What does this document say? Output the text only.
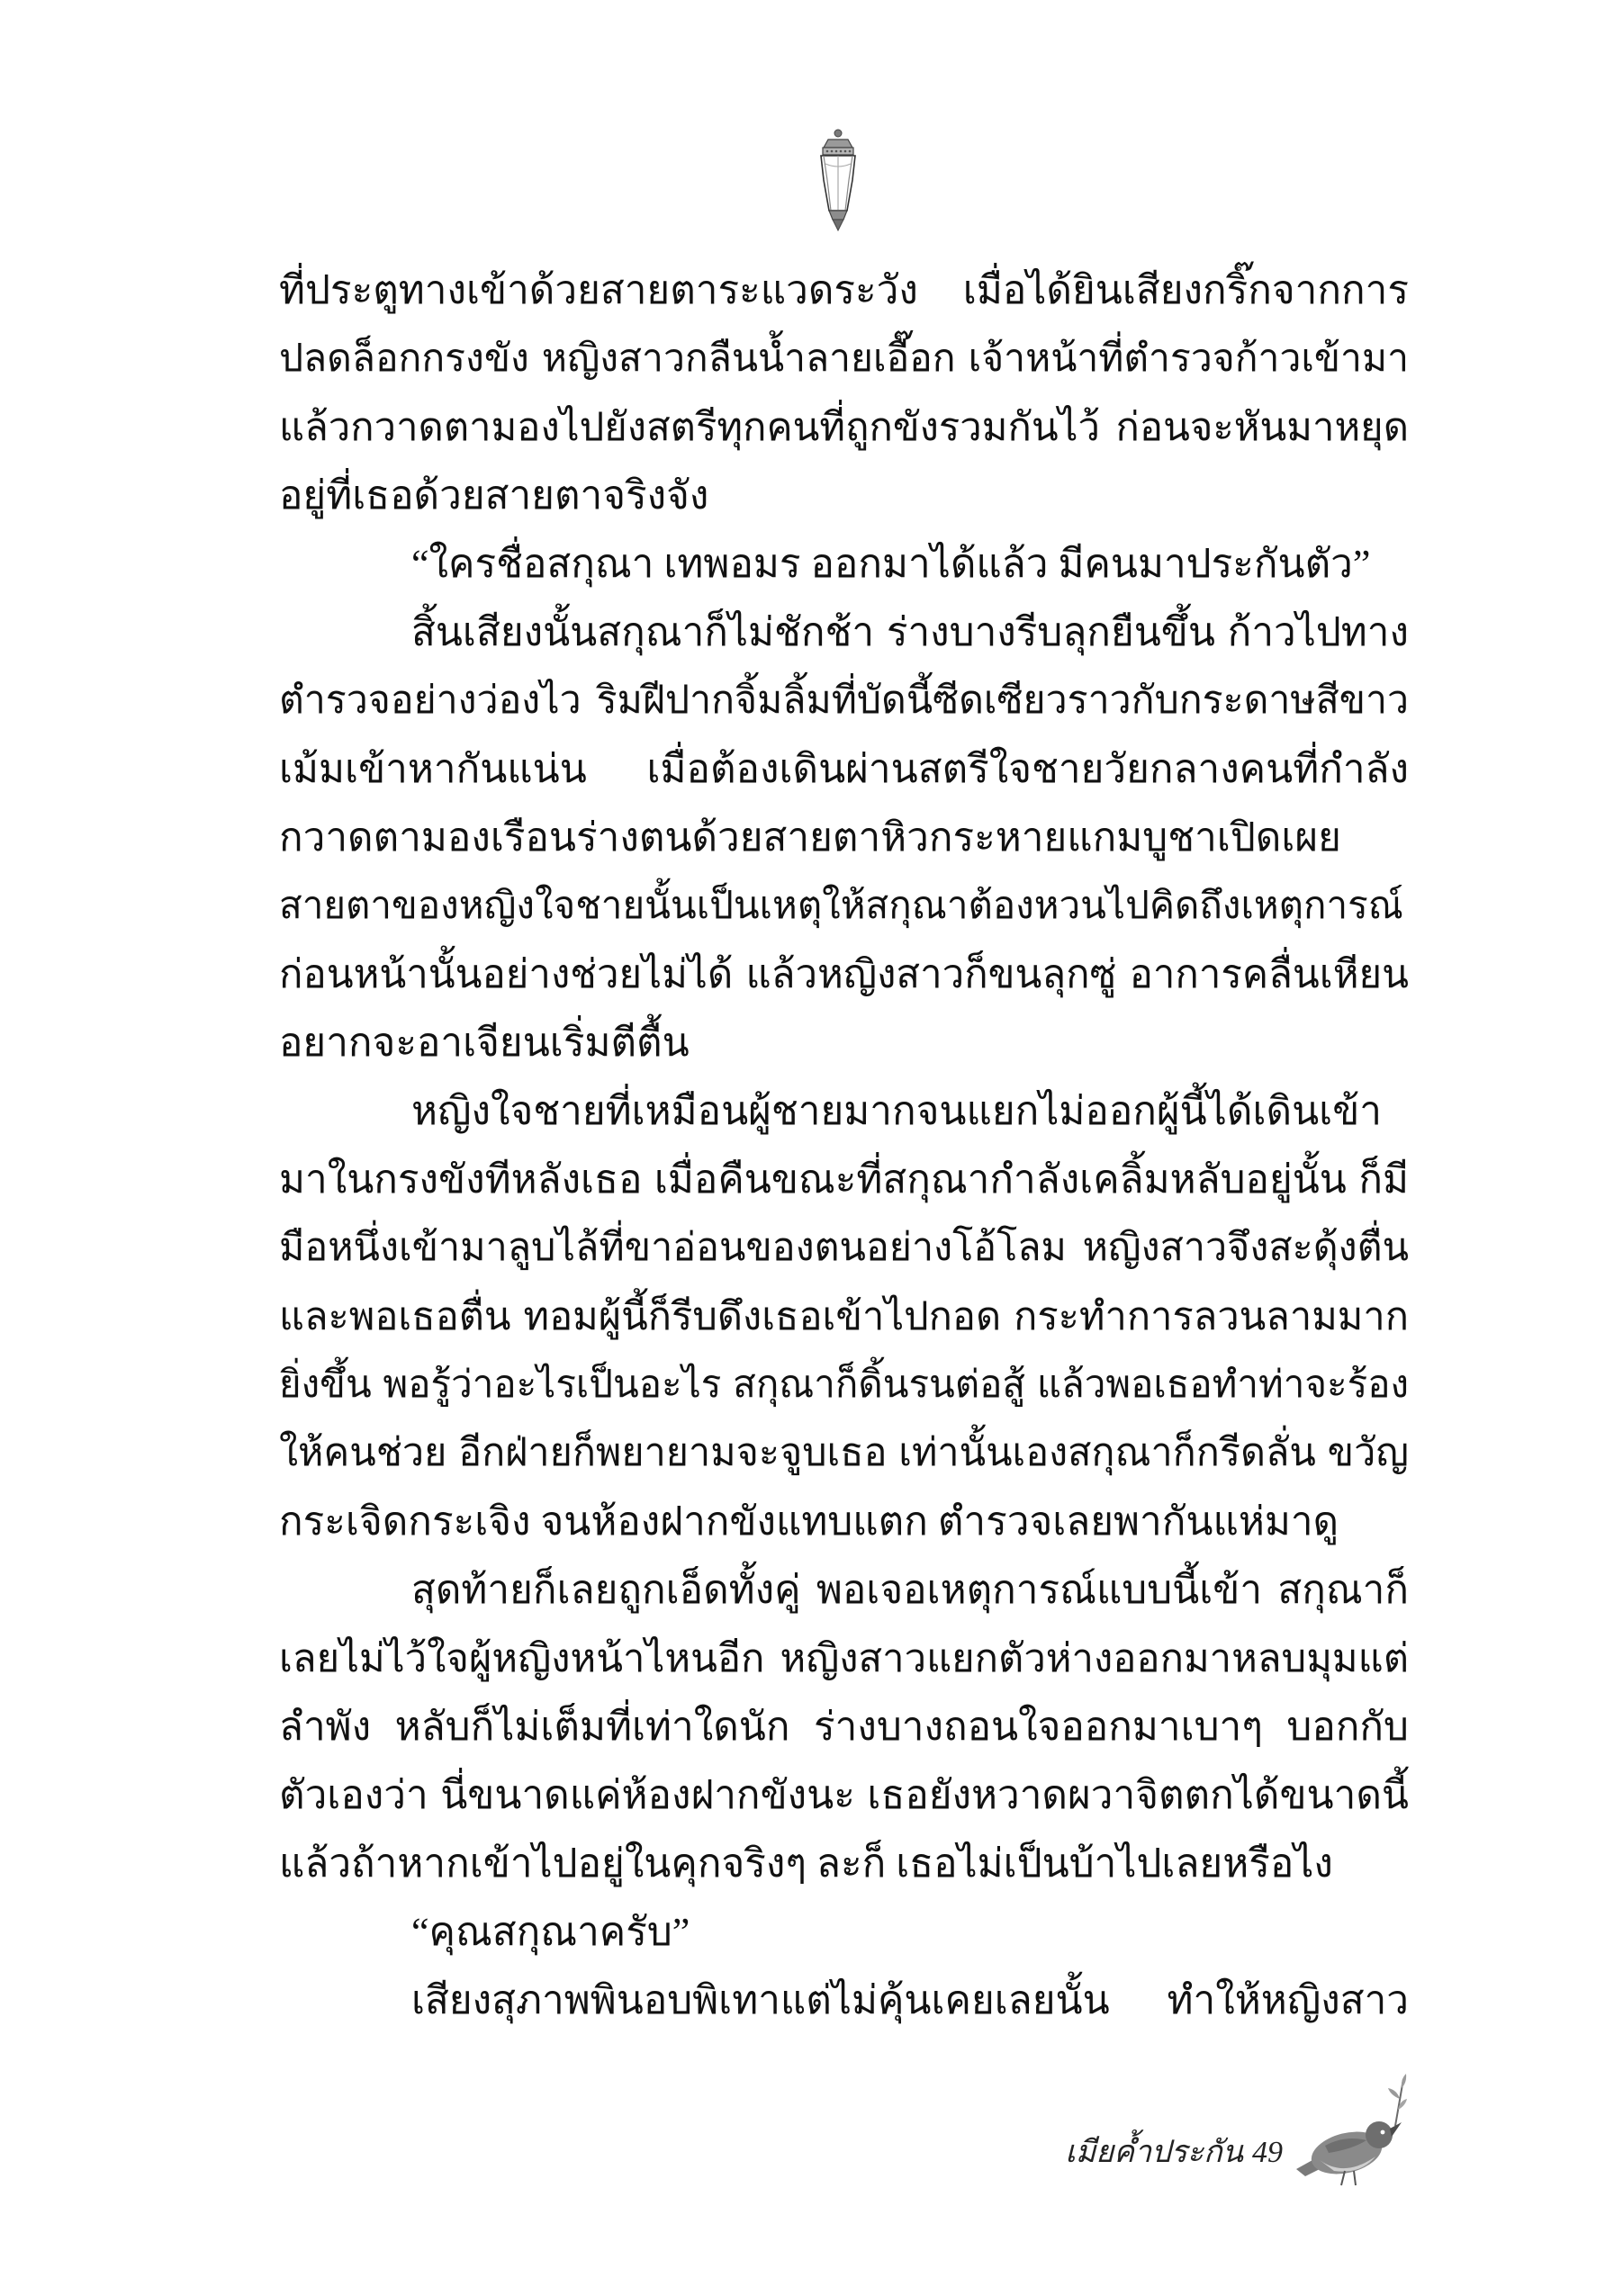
ที่ประตูทางเข้าด้วยสายตาระแวดระวัง เมื่อได้ยินเสียงกริ๊กจากการ
ปลดล็อกกรงขัง หญิงสาวกลืนน้ำลายเอื๊อก เจ้าหน้าที่ตำรวจก้าวเข้ามา
แล้วกวาดตามองไปยังสตรีทุกคนที่ถูกขังรวมกันไว้ ก่อนจะหันมาหยุด
อยู่ที่เธอด้วยสายตาจริงจัง
“ใครชื่อสกุณา เทพอมร ออกมาได้แล้ว มีคนมาประกันตัว”
สิ้นเสียงนั้นสกุณาก็ไม่ชักช้า ร่างบางรีบลุกยืนขึ้น ก้าวไปทาง
ตำรวจอย่างว่องไว ริมฝีปากจิ้มลิ้มที่บัดนี้ซีดเซียวราวกับกระดาษสีขาว
เม้มเข้าหากันแน่น เมื่อต้องเดินผ่านสตรีใจชายวัยกลางคนที่กำลัง
กวาดตามองเรือนร่างตนด้วยสายตาหิวกระหายแกมบูชาเปิดเผย
สายตาของหญิงใจชายนั้นเป็นเหตุให้สกุณาต้องหวนไปคิดถึงเหตุการณ์
ก่อนหน้านั้นอย่างช่วยไม่ได้ แล้วหญิงสาวก็ขนลุกซู่ อาการคลื่นเหียน
อยากจะอาเจียนเริ่มตีตื้น
หญิงใจชายที่เหมือนผู้ชายมากจนแยกไม่ออกผู้นี้ได้เดินเข้า
มาในกรงขังทีหลังเธอ เมื่อคืนขณะที่สกุณากำลังเคลิ้มหลับอยู่นั้น ก็มี
มือหนึ่งเข้ามาลูบไล้ที่ขาอ่อนของตนอย่างโอ้โลม หญิงสาวจึงสะดุ้งตื่น
และพอเธอตื่น ทอมผู้นี้ก็รีบดึงเธอเข้าไปกอด กระทำการลวนลามมาก
ยิ่งขึ้น พอรู้ว่าอะไรเป็นอะไร สกุณาก็ดิ้นรนต่อสู้ แล้วพอเธอทำท่าจะร้อง
ให้คนช่วย อีกฝ่ายก็พยายามจะจูบเธอ เท่านั้นเองสกุณาก็กรีดลั่น ขวัญ
กระเจิดกระเจิง จนห้องฝากขังแทบแตก ตำรวจเลยพากันแห่มาดู
สุดท้ายก็เลยถูกเอ็ดทั้งคู่ พอเจอเหตุการณ์แบบนี้เข้า สกุณาก็
เลยไม่ไว้ใจผู้หญิงหน้าไหนอีก หญิงสาวแยกตัวห่างออกมาหลบมุมแต่
ลำพัง หลับก็ไม่เต็มที่เท่าใดนัก ร่างบางถอนใจออกมาเบาๆ บอกกับ
ตัวเองว่า นี่ขนาดแค่ห้องฝากขังนะ เธอยังหวาดผวาจิตตกได้ขนาดนี้
แล้วถ้าหากเข้าไปอยู่ในคุกจริงๆ ละก็ เธอไม่เป็นบ้าไปเลยหรือไง
“คุณสกุณาครับ”
เสียงสุภาพพินอบพิเทาแต่ไม่คุ้นเคยเลยนั้น ทำให้หญิงสาว
เมียค้ำประกัน 49
